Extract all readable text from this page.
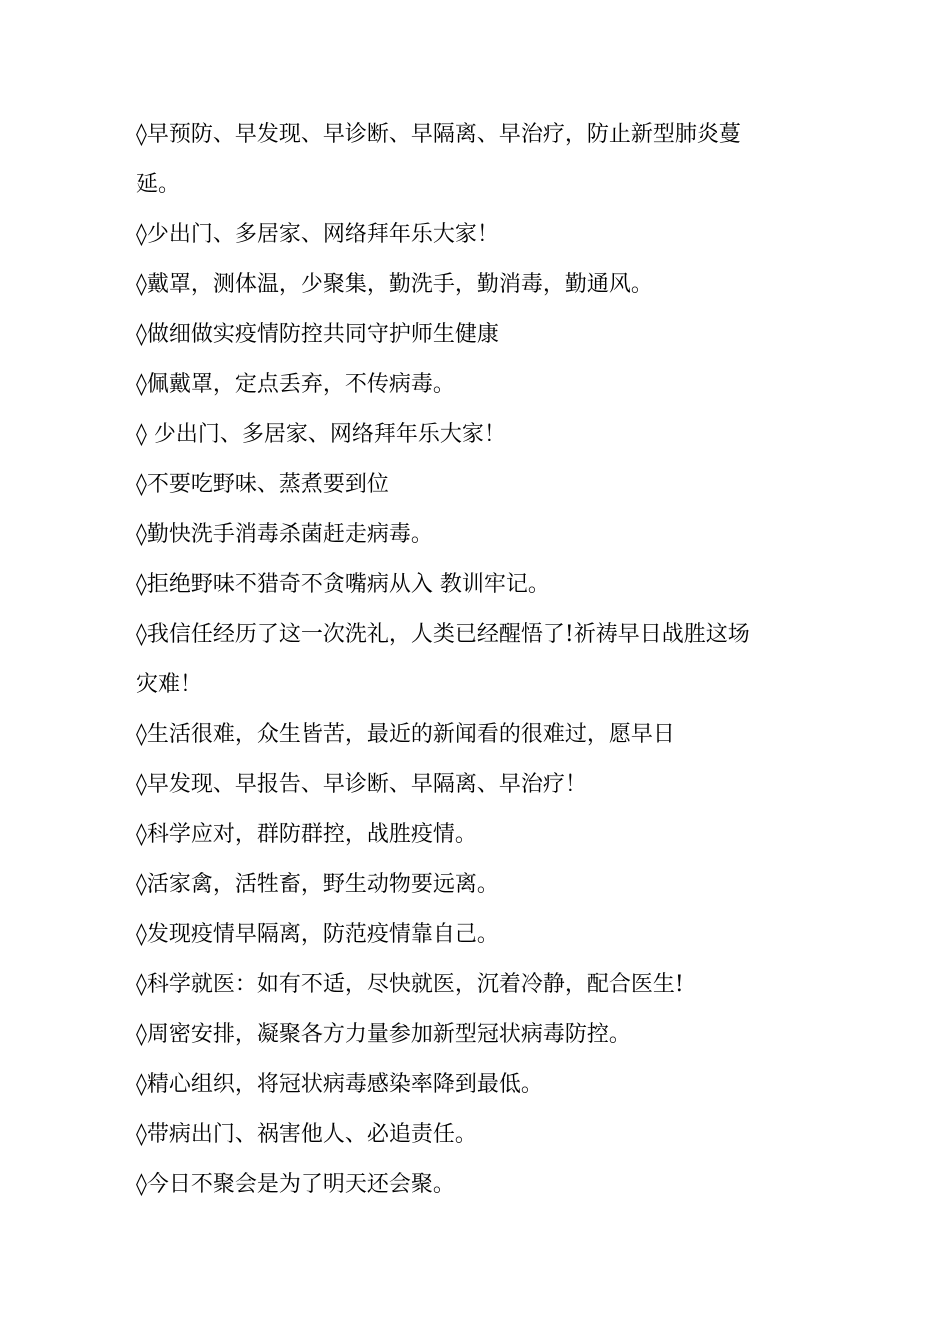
◊早预防、早发现、早诊断、早隔离、早治疗，防止新型肺炎蔓
延。
◊少出门、多居家、网络拜年乐大家！
◊戴罩，测体温，少聚集，勤洗手，勤消毒，勤通风。
◊做细做实疫情防控共同守护师生健康
◊佩戴罩，定点丢弃，不传病毒。
◊ 少出门、多居家、网络拜年乐大家！
◊不要吃野味、蒸煮要到位
◊勤快洗手消毒杀菌赶走病毒。
◊拒绝野味不猎奇不贪嘴病从入 教训牢记。
◊我信任经历了这一次洗礼，人类已经醒悟了!祈祷早日战胜这场
灾难！
◊生活很难，众生皆苦，最近的新闻看的很难过，愿早日
◊早发现、早报告、早诊断、早隔离、早治疗！
◊科学应对，群防群控，战胜疫情。
◊活家禽，活牲畜，野生动物要远离。
◊发现疫情早隔离，防范疫情靠自己。
◊科学就医：如有不适，尽快就医，沉着冷静，配合医生!
◊周密安排，凝聚各方力量参加新型冠状病毒防控。
◊精心组织，将冠状病毒感染率降到最低。
◊带病出门、祸害他人、必追责任。
◊今日不聚会是为了明天还会聚。
